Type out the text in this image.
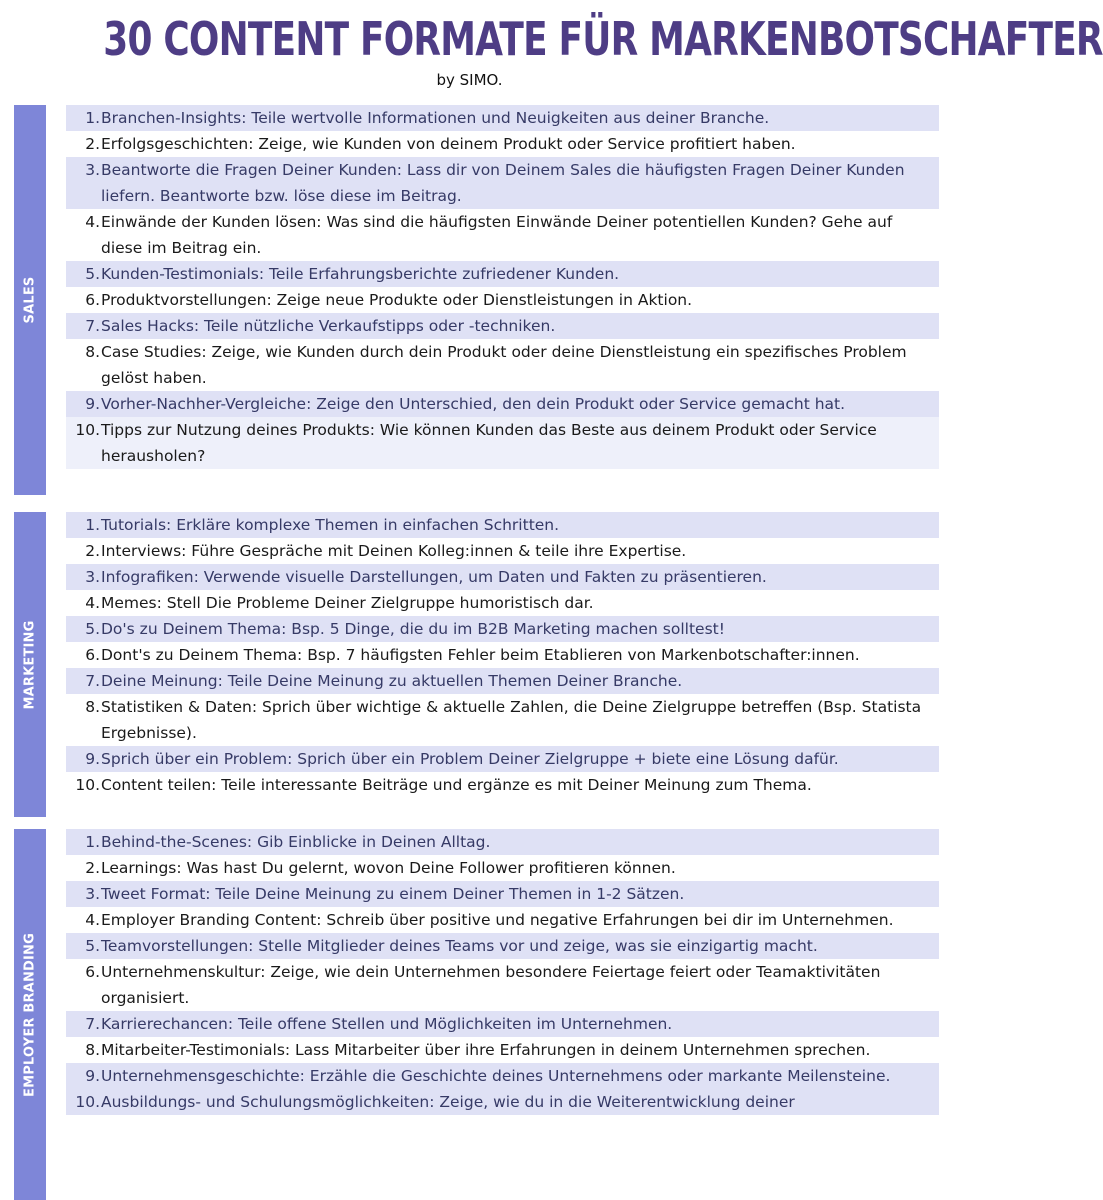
30 CONTENT FORMATE FÜR MARKENBOTSCHAFTER
by SIMO.
SALES
1. Branchen-Insights: Teile wertvolle Informationen und Neuigkeiten aus deiner Branche.
2. Erfolgsgeschichten: Zeige, wie Kunden von deinem Produkt oder Service profitiert haben.
3. Beantworte die Fragen Deiner Kunden: Lass dir von Deinem Sales die häufigsten Fragen Deiner Kunden liefern. Beantworte bzw. löse diese im Beitrag.
4. Einwände der Kunden lösen: Was sind die häufigsten Einwände Deiner potentiellen Kunden? Gehe auf diese im Beitrag ein.
5. Kunden-Testimonials: Teile Erfahrungsberichte zufriedener Kunden.
6. Produktvorstellungen: Zeige neue Produkte oder Dienstleistungen in Aktion.
7. Sales Hacks: Teile nützliche Verkaufstipps oder -techniken.
8. Case Studies: Zeige, wie Kunden durch dein Produkt oder deine Dienstleistung ein spezifisches Problem gelöst haben.
9. Vorher-Nachher-Vergleiche: Zeige den Unterschied, den dein Produkt oder Service gemacht hat.
10. Tipps zur Nutzung deines Produkts: Wie können Kunden das Beste aus deinem Produkt oder Service herausholen?
MARKETING
1. Tutorials: Erkläre komplexe Themen in einfachen Schritten.
2. Interviews: Führe Gespräche mit Deinen Kolleg:innen & teile ihre Expertise.
3. Infografiken: Verwende visuelle Darstellungen, um Daten und Fakten zu präsentieren.
4. Memes: Stell Die Probleme Deiner Zielgruppe humoristisch dar.
5. Do's zu Deinem Thema: Bsp. 5 Dinge, die du im B2B Marketing machen solltest!
6. Dont's zu Deinem Thema: Bsp. 7 häufigsten Fehler beim Etablieren von Markenbotschafter:innen.
7. Deine Meinung: Teile Deine Meinung zu aktuellen Themen Deiner Branche.
8. Statistiken & Daten: Sprich über wichtige & aktuelle Zahlen, die Deine Zielgruppe betreffen (Bsp. Statista Ergebnisse).
9. Sprich über ein Problem: Sprich über ein Problem Deiner Zielgruppe + biete eine Lösung dafür.
10. Content teilen: Teile interessante Beiträge und ergänze es mit Deiner Meinung zum Thema.
EMPLOYER BRANDING
1. Behind-the-Scenes: Gib Einblicke in Deinen Alltag.
2. Learnings: Was hast Du gelernt, wovon Deine Follower profitieren können.
3. Tweet Format: Teile Deine Meinung zu einem Deiner Themen in 1-2 Sätzen.
4. Employer Branding Content: Schreib über positive und negative Erfahrungen bei dir im Unternehmen.
5. Teamvorstellungen: Stelle Mitglieder deines Teams vor und zeige, was sie einzigartig macht.
6. Unternehmenskultur: Zeige, wie dein Unternehmen besondere Feiertage feiert oder Teamaktivitäten organisiert.
7. Karrierechancen: Teile offene Stellen und Möglichkeiten im Unternehmen.
8. Mitarbeiter-Testimonials: Lass Mitarbeiter über ihre Erfahrungen in deinem Unternehmen sprechen.
9. Unternehmensgeschichte: Erzähle die Geschichte deines Unternehmens oder markante Meilensteine.
10. Ausbildungs- und Schulungsmöglichkeiten: Zeige, wie du in die Weiterentwicklung deiner
